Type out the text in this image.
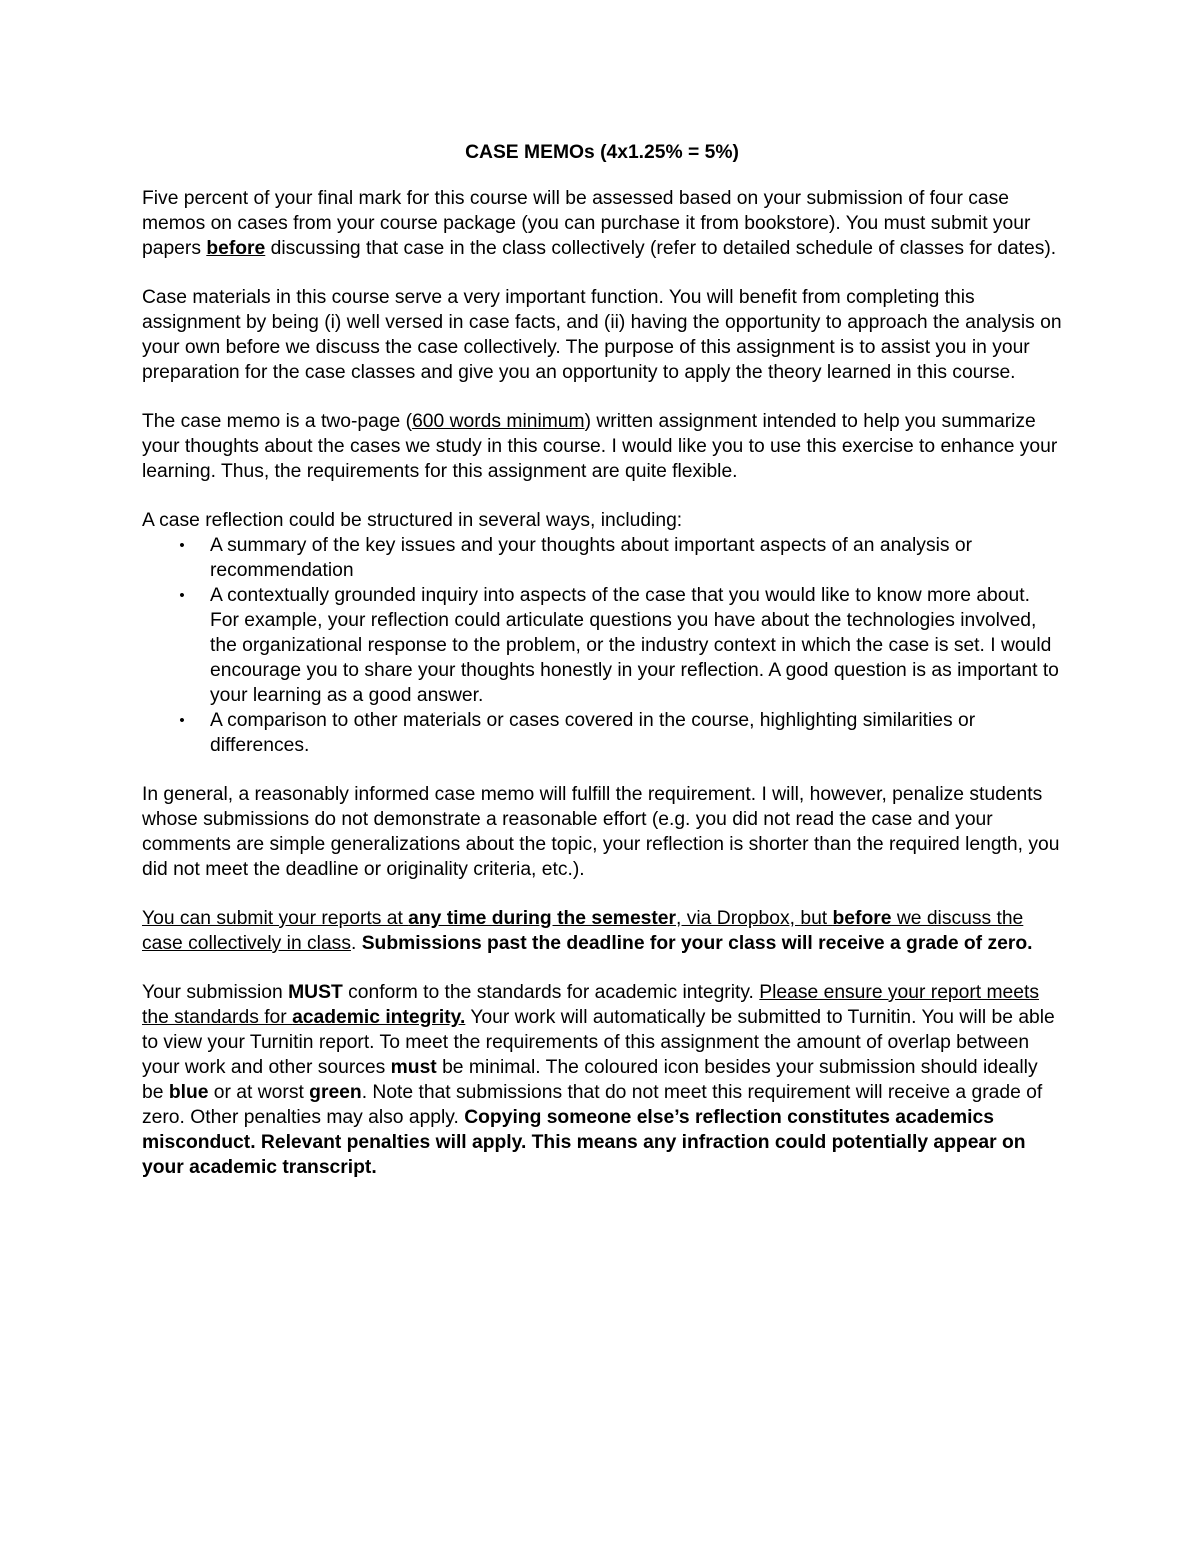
CASE MEMOs (4x1.25% = 5%)

Five percent of your final mark for this course will be assessed based on your submission of four case memos on cases from your course package (you can purchase it from bookstore). You must submit your papers before discussing that case in the class collectively (refer to detailed schedule of classes for dates).

Case materials in this course serve a very important function. You will benefit from completing this assignment by being (i) well versed in case facts, and (ii) having the opportunity to approach the analysis on your own before we discuss the case collectively. The purpose of this assignment is to assist you in your preparation for the case classes and give you an opportunity to apply the theory learned in this course.

The case memo is a two-page (600 words minimum) written assignment intended to help you summarize your thoughts about the cases we study in this course. I would like you to use this exercise to enhance your learning. Thus, the requirements for this assignment are quite flexible.

A case reflection could be structured in several ways, including:

•	A summary of the key issues and your thoughts about important aspects of an analysis or recommendation
•	A contextually grounded inquiry into aspects of the case that you would like to know more about. For example, your reflection could articulate questions you have about the technologies involved, the organizational response to the problem, or the industry context in which the case is set. I would encourage you to share your thoughts honestly in your reflection. A good question is as important to your learning as a good answer.
•	A comparison to other materials or cases covered in the course, highlighting similarities or differences.

In general, a reasonably informed case memo will fulfill the requirement. I will, however, penalize students whose submissions do not demonstrate a reasonable effort (e.g. you did not read the case and your comments are simple generalizations about the topic, your reflection is shorter than the required length, you did not meet the deadline or originality criteria, etc.).

You can submit your reports at any time during the semester, via Dropbox, but before we discuss the case collectively in class. Submissions past the deadline for your class will receive a grade of zero.

Your submission MUST conform to the standards for academic integrity. Please ensure your report meets the standards for academic integrity. Your work will automatically be submitted to Turnitin. You will be able to view your Turnitin report. To meet the requirements of this assignment the amount of overlap between your work and other sources must be minimal. The coloured icon besides your submission should ideally be blue or at worst green. Note that submissions that do not meet this requirement will receive a grade of zero. Other penalties may also apply. Copying someone else’s reflection constitutes academics misconduct. Relevant penalties will apply. This means any infraction could potentially appear on your academic transcript.
